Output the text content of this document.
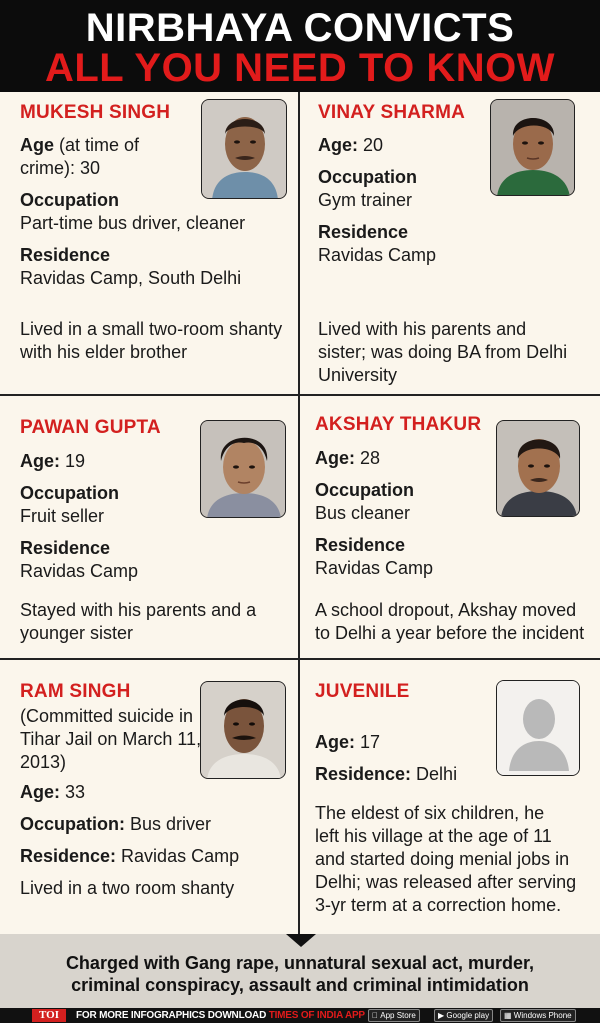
NIRBHAYA CONVICTS
ALL YOU NEED TO KNOW
MUKESH SINGH
Age (at time of
crime): 30
Occupation
Part-time bus driver, cleaner
Residence
Ravidas Camp, South Delhi
Lived in a small two-room shanty
with his elder brother
VINAY SHARMA
Age: 20
Occupation
Gym trainer
Residence
Ravidas Camp
Lived with his parents and
sister; was doing BA from Delhi
University
PAWAN GUPTA
Age: 19
Occupation
Fruit seller
Residence
Ravidas Camp
Stayed with his parents and a
younger sister
AKSHAY THAKUR
Age: 28
Occupation
Bus cleaner
Residence
Ravidas Camp
A school dropout, Akshay moved
to Delhi a year before the incident
RAM SINGH
(Committed suicide in
Tihar Jail on March 11,
2013)
Age: 33
Occupation: Bus driver
Residence: Ravidas Camp
Lived in a two room shanty
JUVENILE
Age: 17
Residence: Delhi
The eldest of six children, he
left his village at the age of 11
and started doing menial jobs in
Delhi; was released after serving
3-yr term at a correction home.
Charged with Gang rape, unnatural sexual act, murder,
criminal conspiracy, assault and criminal intimidation
TOI	FOR MORE INFOGRAPHICS DOWNLOAD TIMES OF INDIA APP App Store	▶ Google play	▦ Windows Phone
